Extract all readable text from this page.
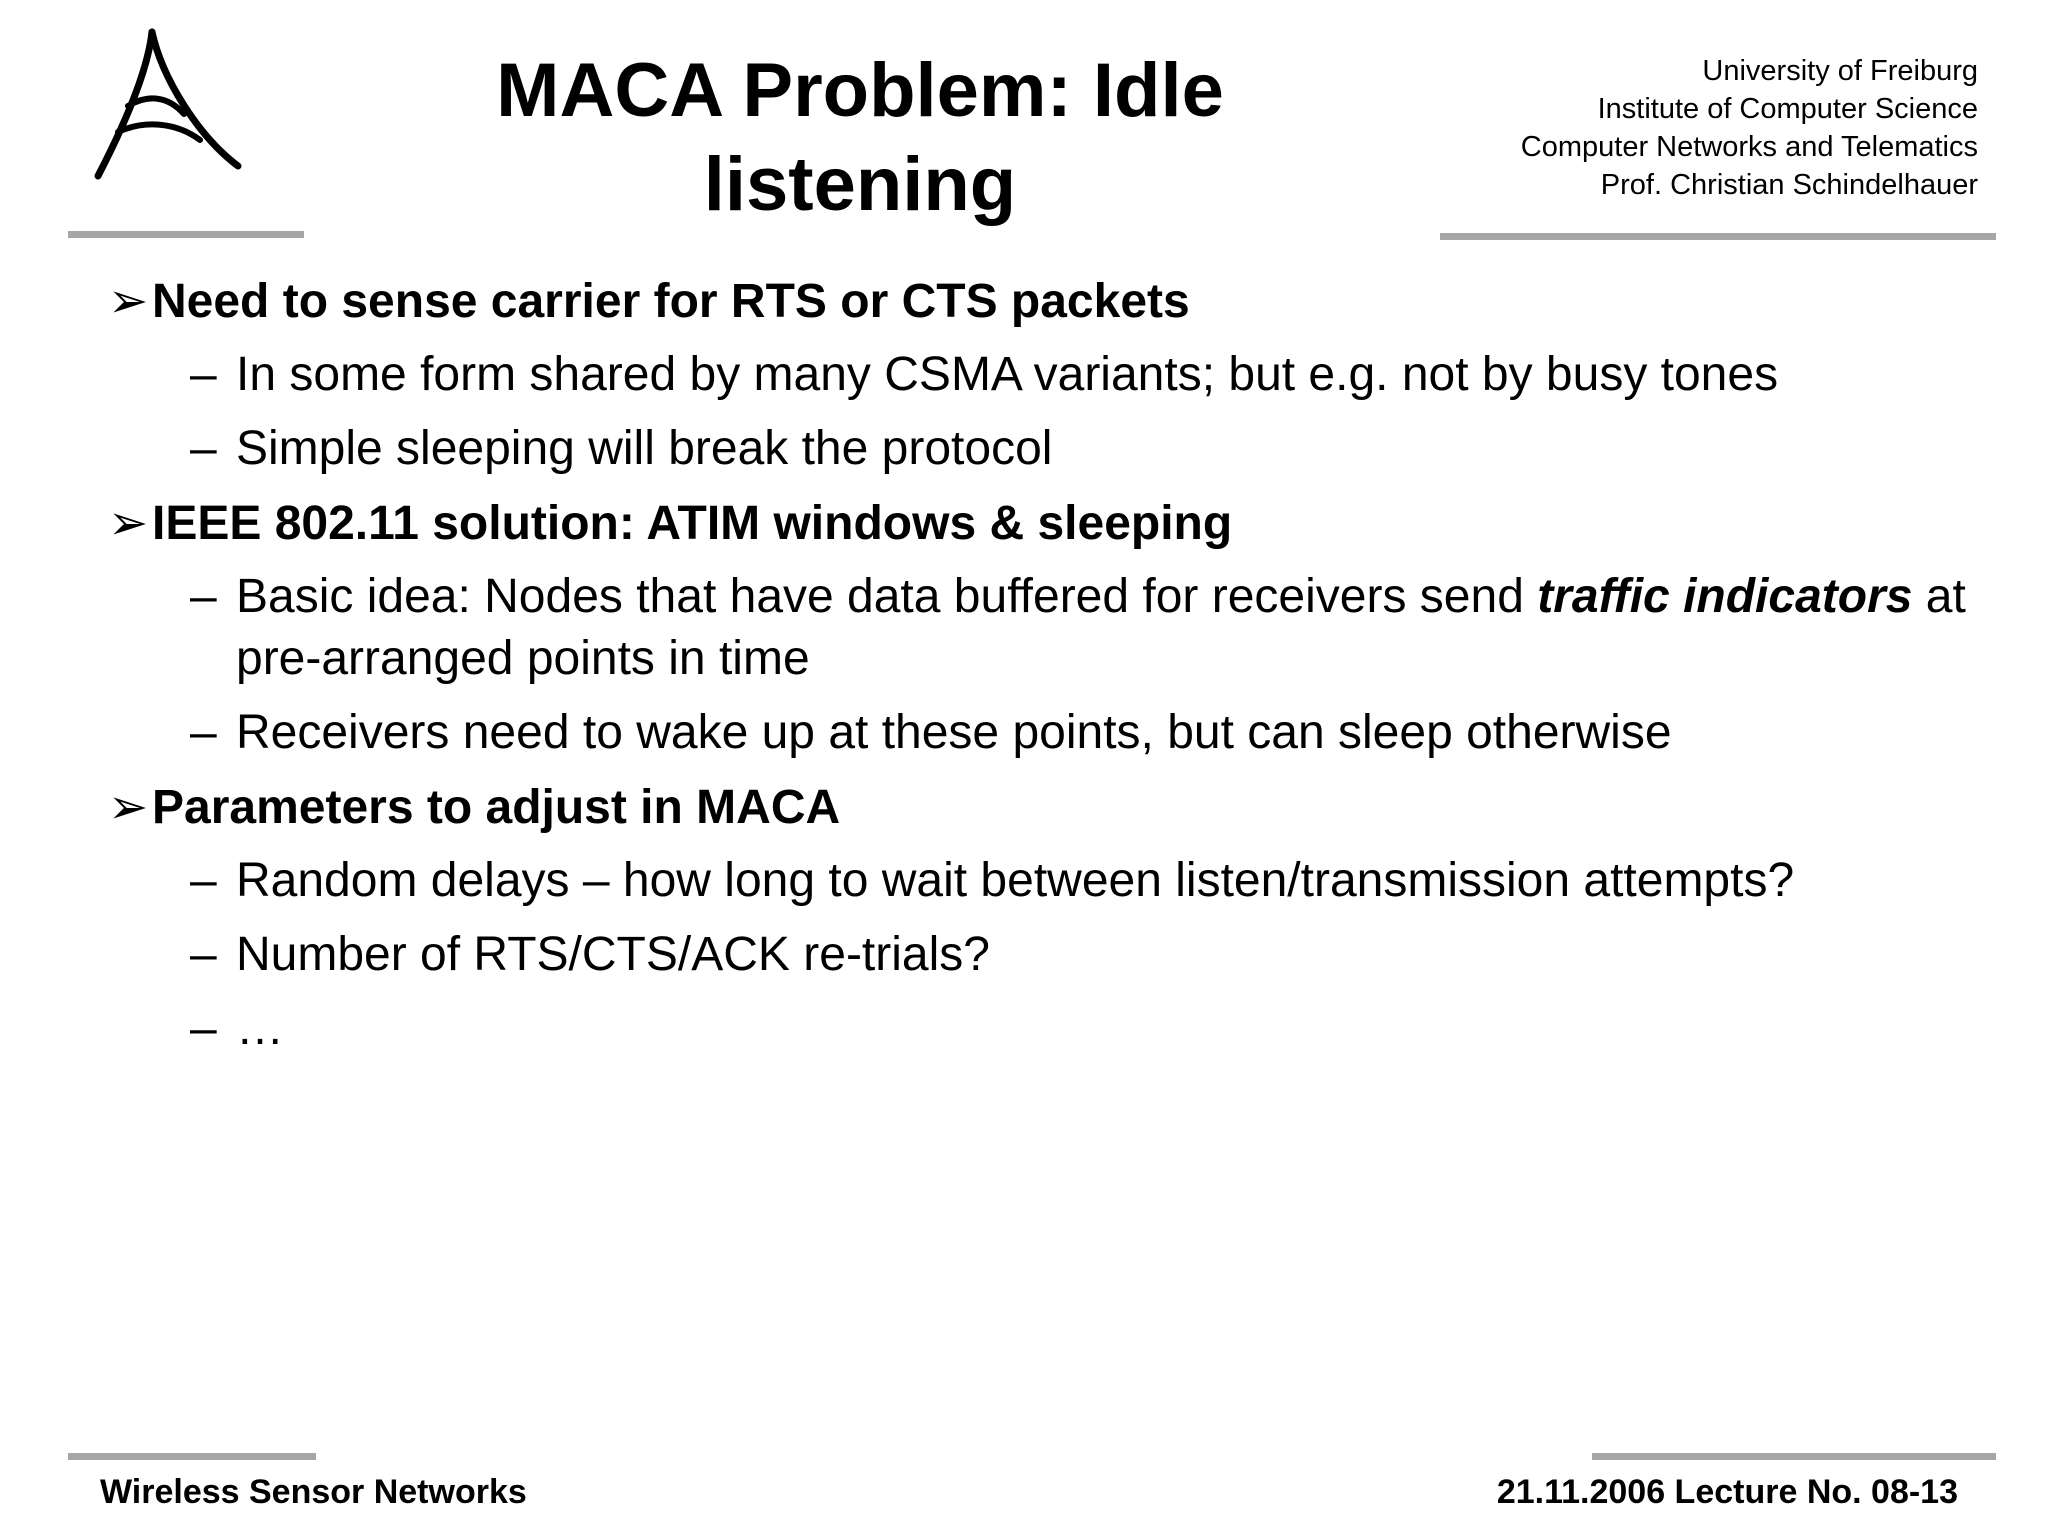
MACA Problem: Idle listening
University of Freiburg
Institute of Computer Science
Computer Networks and Telematics
Prof. Christian Schindelhauer
➢ Need to sense carrier for RTS or CTS packets
– In some form shared by many CSMA variants; but e.g. not by busy tones
– Simple sleeping will break the protocol
➢ IEEE 802.11 solution: ATIM windows & sleeping
– Basic idea: Nodes that have data buffered for receivers send traffic indicators at pre-arranged points in time
– Receivers need to wake up at these points, but can sleep otherwise
➢ Parameters to adjust in MACA
– Random delays – how long to wait between listen/transmission attempts?
– Number of RTS/CTS/ACK re-trials?
– …
Wireless Sensor Networks	21.11.2006 Lecture No. 08-13
